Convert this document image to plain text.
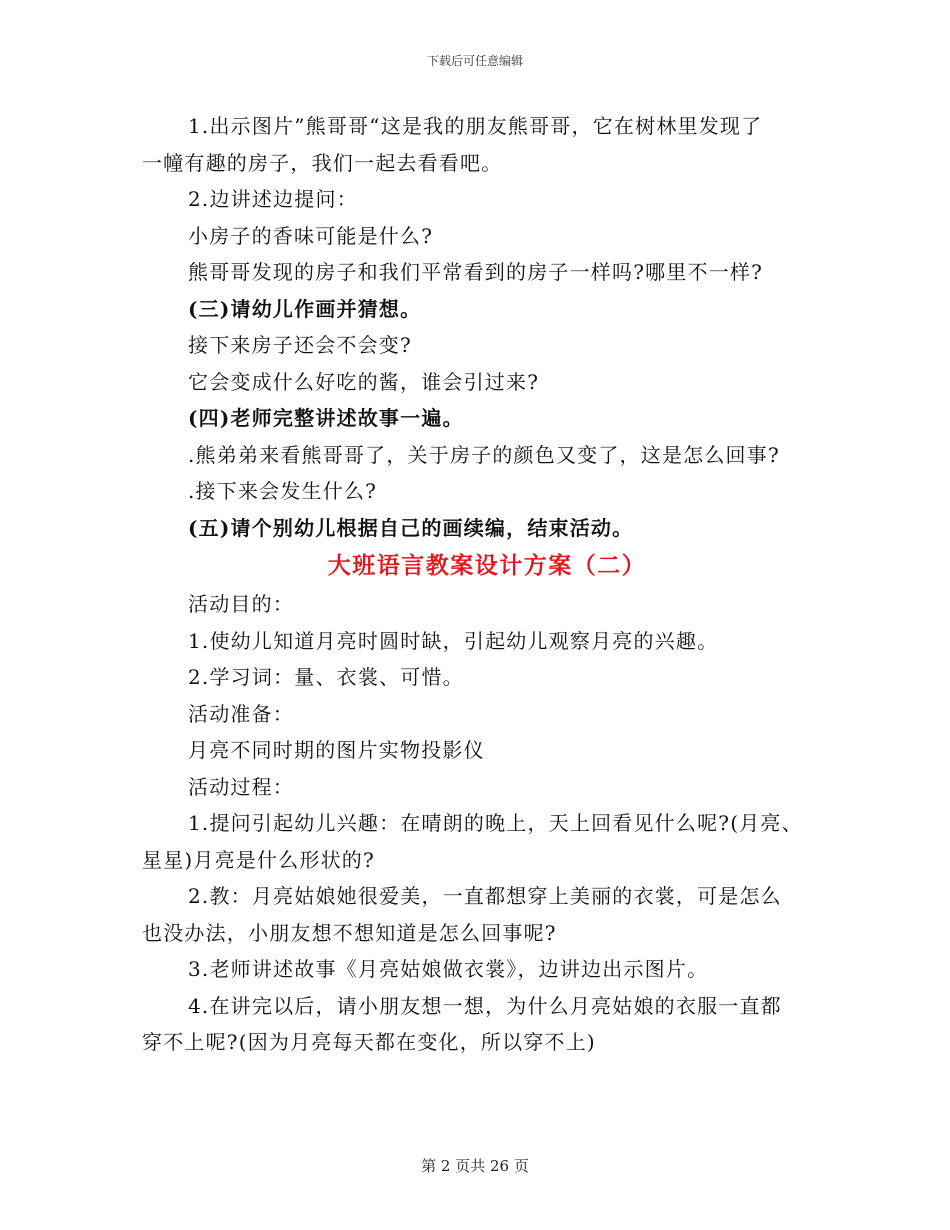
下载后可任意编辑

1.出示图片”熊哥哥“这是我的朋友熊哥哥，它在树林里发现了

一幢有趣的房子，我们一起去看看吧。

2.边讲述边提问：

小房子的香味可能是什么?

熊哥哥发现的房子和我们平常看到的房子一样吗?哪里不一样?

(三)请幼儿作画并猜想。

接下来房子还会不会变?

它会变成什么好吃的酱，谁会引过来?

(四)老师完整讲述故事一遍。

.熊弟弟来看熊哥哥了，关于房子的颜色又变了，这是怎么回事?

.接下来会发生什么?

(五)请个别幼儿根据自己的画续编，结束活动。

大班语言教案设计方案（二）

活动目的：

1.使幼儿知道月亮时圆时缺，引起幼儿观察月亮的兴趣。

2.学习词：量、衣裳、可惜。

活动准备：

月亮不同时期的图片实物投影仪

活动过程：

1.提问引起幼儿兴趣：在晴朗的晚上，天上回看见什么呢?(月亮、

星星)月亮是什么形状的?

2.教：月亮姑娘她很爱美，一直都想穿上美丽的衣裳，可是怎么

也没办法，小朋友想不想知道是怎么回事呢?

3.老师讲述故事《月亮姑娘做衣裳》，边讲边出示图片。

4.在讲完以后，请小朋友想一想，为什么月亮姑娘的衣服一直都

穿不上呢?(因为月亮每天都在变化，所以穿不上)

第 2 页共 26 页
